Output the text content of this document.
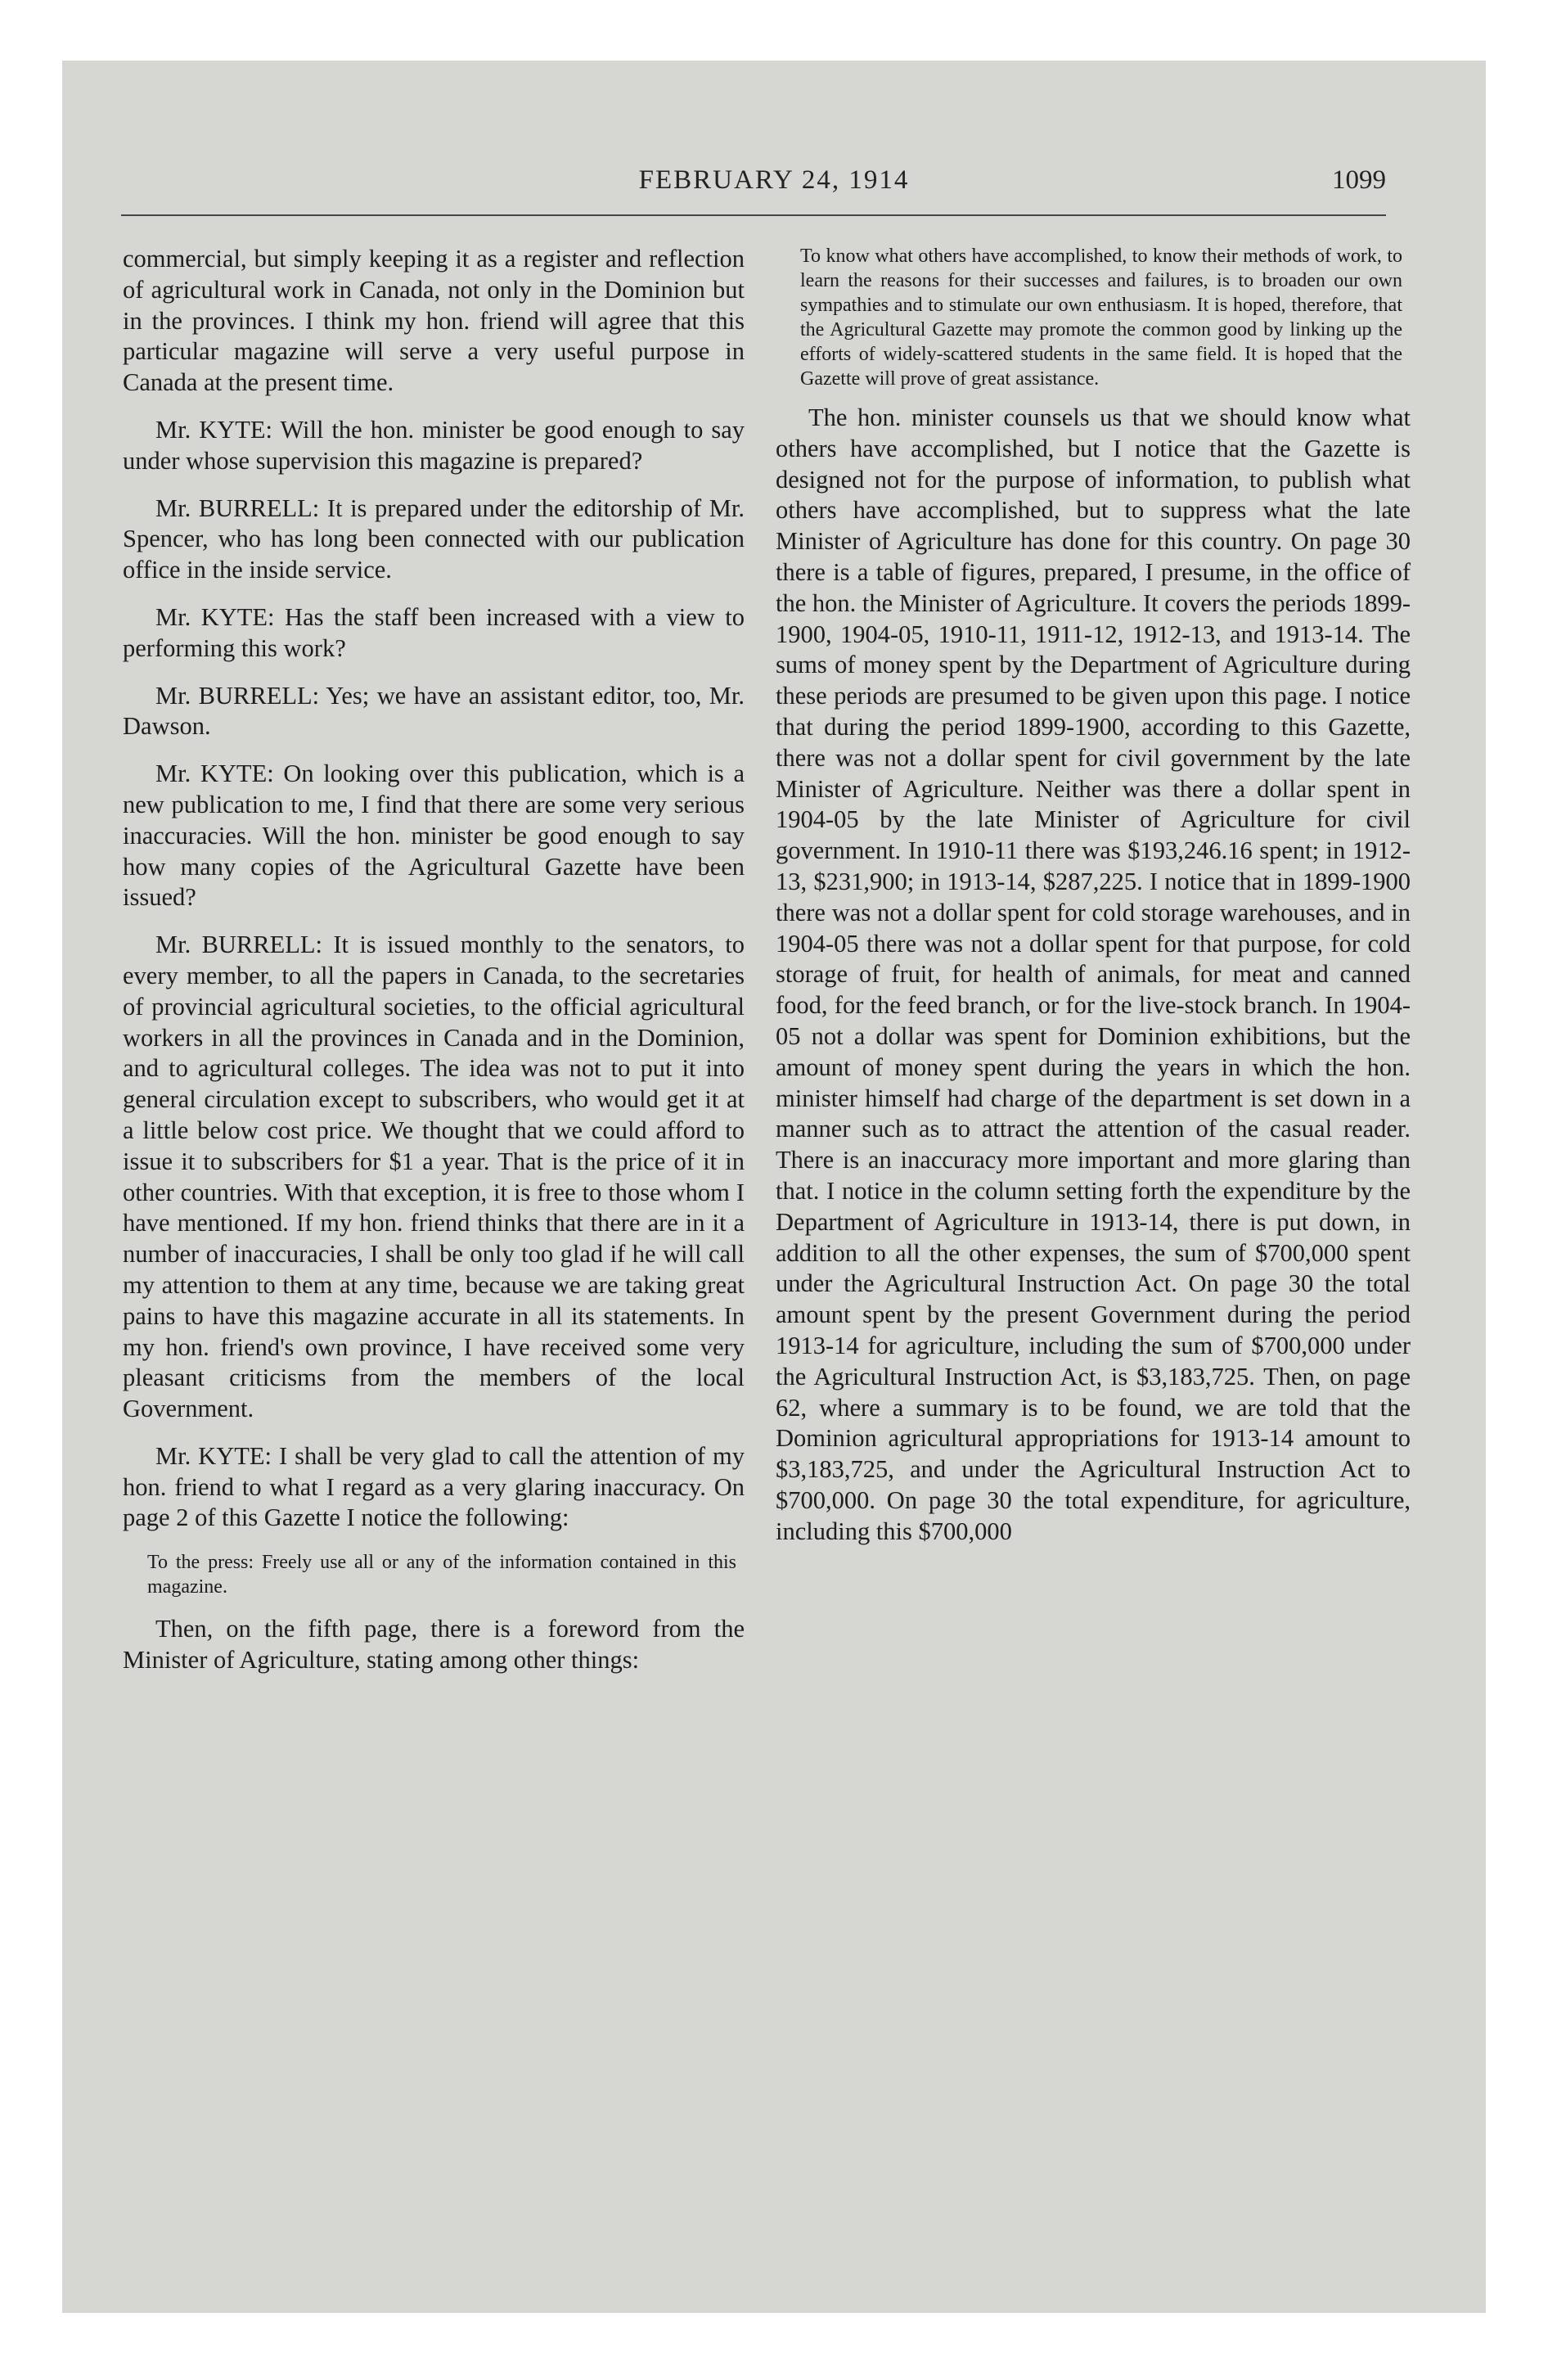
FEBRUARY 24, 1914	1099

commercial, but simply keeping it as a register and reflection of agricultural work in Canada, not only in the Dominion but in the provinces. I think my hon. friend will agree that this particular magazine will serve a very useful purpose in Canada at the present time.

Mr. KYTE: Will the hon. minister be good enough to say under whose supervision this magazine is prepared?

Mr. BURRELL: It is prepared under the editorship of Mr. Spencer, who has long been connected with our publication office in the inside service.

Mr. KYTE: Has the staff been increased with a view to performing this work?

Mr. BURRELL: Yes; we have an assistant editor, too, Mr. Dawson.

Mr. KYTE: On looking over this publication, which is a new publication to me, I find that there are some very serious inaccuracies. Will the hon. minister be good enough to say how many copies of the Agricultural Gazette have been issued?

Mr. BURRELL: It is issued monthly to the senators, to every member, to all the papers in Canada, to the secretaries of provincial agricultural societies, to the official agricultural workers in all the provinces in Canada and in the Dominion, and to agricultural colleges. The idea was not to put it into general circulation except to subscribers, who would get it at a little below cost price. We thought that we could afford to issue it to subscribers for $1 a year. That is the price of it in other countries. With that exception, it is free to those whom I have mentioned. If my hon. friend thinks that there are in it a number of inaccuracies, I shall be only too glad if he will call my attention to them at any time, because we are taking great pains to have this magazine accurate in all its statements. In my hon. friend's own province, I have received some very pleasant criticisms from the members of the local Government.

Mr. KYTE: I shall be very glad to call the attention of my hon. friend to what I regard as a very glaring inaccuracy. On page 2 of this Gazette I notice the following:

To the press: Freely use all or any of the information contained in this magazine.

Then, on the fifth page, there is a foreword from the Minister of Agriculture, stating among other things:

To know what others have accomplished, to know their methods of work, to learn the reasons for their successes and failures, is to broaden our own sympathies and to stimulate our own enthusiasm. It is hoped, therefore, that the Agricultural Gazette may promote the common good by linking up the efforts of widely-scattered students in the same field. It is hoped that the Gazette will prove of great assistance.

The hon. minister counsels us that we should know what others have accomplished, but I notice that the Gazette is designed not for the purpose of information, to publish what others have accomplished, but to suppress what the late Minister of Agriculture has done for this country. On page 30 there is a table of figures, prepared, I presume, in the office of the hon. the Minister of Agriculture. It covers the periods 1899-1900, 1904-05, 1910-11, 1911-12, 1912-13, and 1913-14. The sums of money spent by the Department of Agriculture during these periods are presumed to be given upon this page. I notice that during the period 1899-1900, according to this Gazette, there was not a dollar spent for civil government by the late Minister of Agriculture. Neither was there a dollar spent in 1904-05 by the late Minister of Agriculture for civil government. In 1910-11 there was $193,246.16 spent; in 1912-13, $231,900; in 1913-14, $287,225. I notice that in 1899-1900 there was not a dollar spent for cold storage warehouses, and in 1904-05 there was not a dollar spent for that purpose, for cold storage of fruit, for health of animals, for meat and canned food, for the feed branch, or for the live-stock branch. In 1904-05 not a dollar was spent for Dominion exhibitions, but the amount of money spent during the years in which the hon. minister himself had charge of the department is set down in a manner such as to attract the attention of the casual reader. There is an inaccuracy more important and more glaring than that. I notice in the column setting forth the expenditure by the Department of Agriculture in 1913-14, there is put down, in addition to all the other expenses, the sum of $700,000 spent under the Agricultural Instruction Act. On page 30 the total amount spent by the present Government during the period 1913-14 for agriculture, including the sum of $700,000 under the Agricultural Instruction Act, is $3,183,725. Then, on page 62, where a summary is to be found, we are told that the Dominion agricultural appropriations for 1913-14 amount to $3,183,725, and under the Agricultural Instruction Act to $700,000. On page 30 the total expenditure, for agriculture, including this $700,000
